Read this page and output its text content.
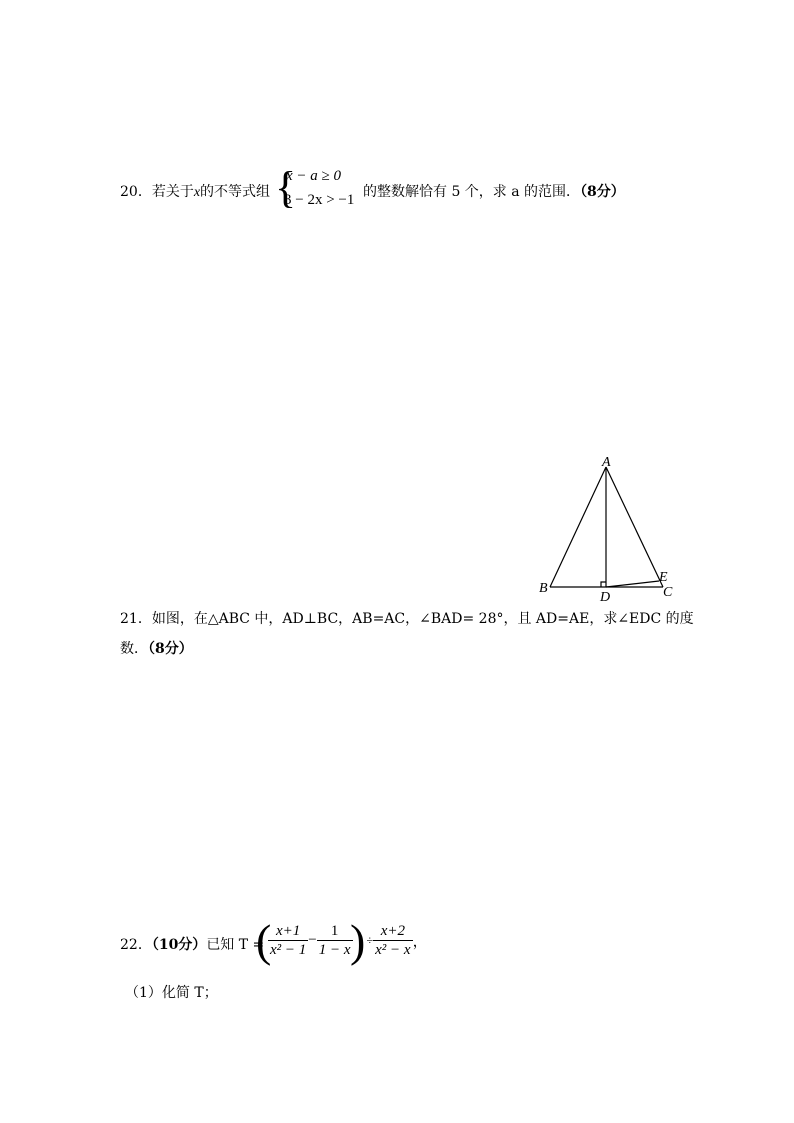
20．若关于x的不等式组 {
x − a ≥ 0
3 − 2x > −1 的整数解恰有 5 个，求 a 的范围．（8分）
A
B	C
D
E
21．如图，在△ABC 中，AD⊥BC，AB=AC，∠BAD= 28°，且 AD=AE，求∠EDC 的度
数．（8分）
22．（10分）已知 T =
(
$\frac{x+1}{\text{x² − 1}} - \frac{1}{1 - x} \div \frac{x+2}{\text{x² − x}}$ ，
)
（1）化简 T；
